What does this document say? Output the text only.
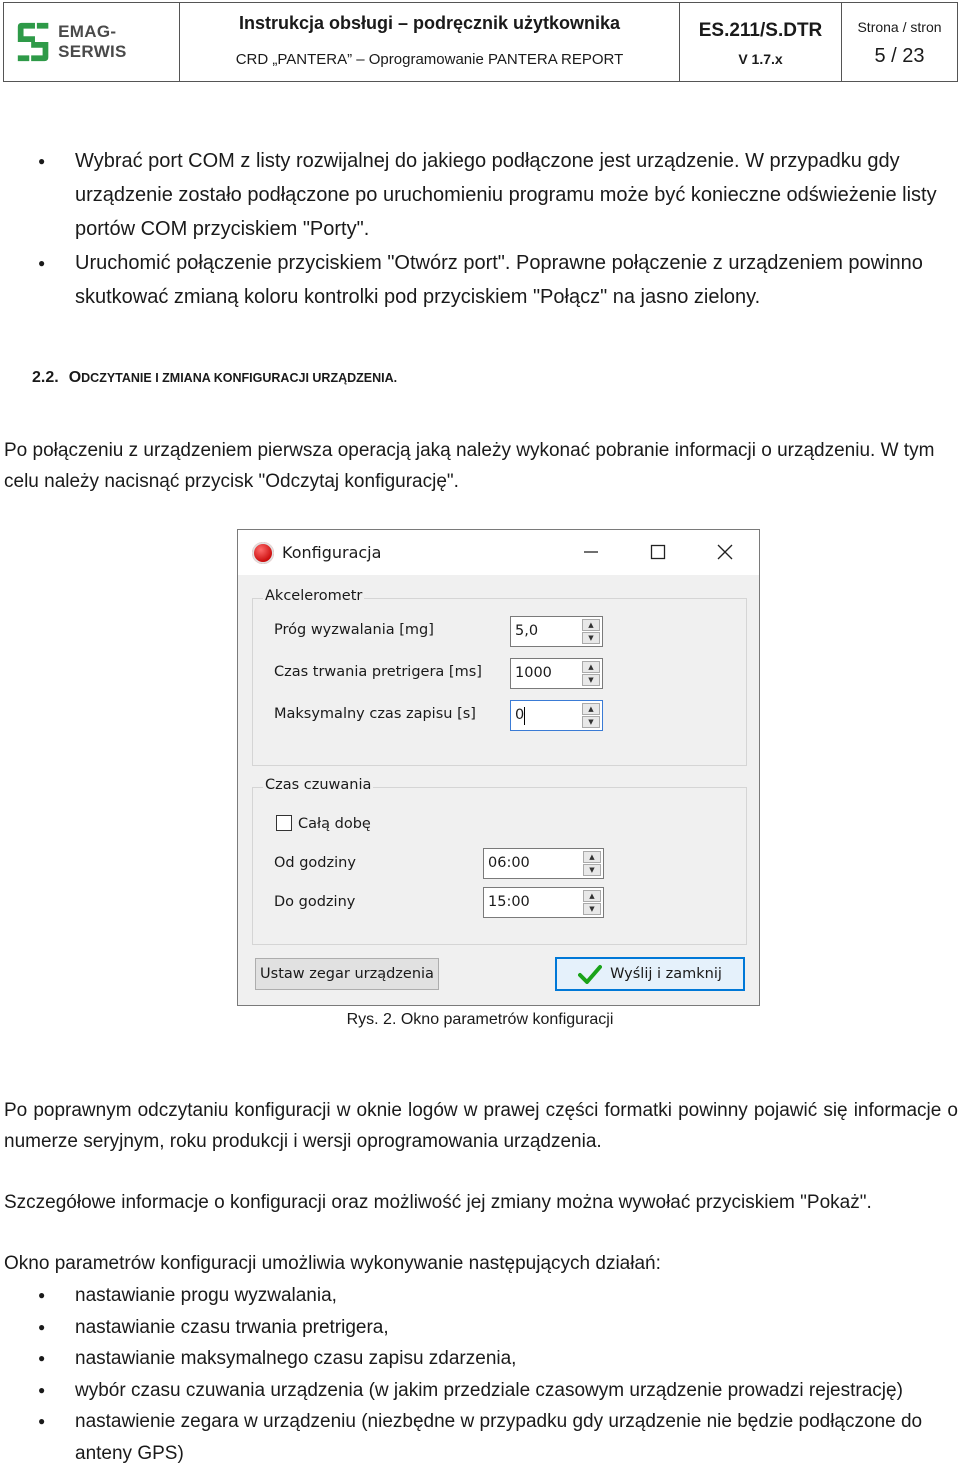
EMAG-SERWIS
Instrukcja obsługi – podręcznik użytkownika
CRD „PANTERA” – Oprogramowanie PANTERA REPORT
ES.211/S.DTR
V 1.7.x
Strona / stron
5 / 23
● Wybrać port COM z listy rozwijalnej do jakiego podłączone jest urządzenie. W przypadku gdy urządzenie zostało podłączone po uruchomieniu programu może być konieczne odświeżenie listy portów COM przyciskiem "Porty".
● Uruchomić połączenie przyciskiem "Otwórz port". Poprawne połączenie z urządzeniem powinno skutkować zmianą koloru kontrolki pod przyciskiem "Połącz" na jasno zielony.
2.2. ODCZYTANIE I ZMIANA KONFIGURACJI URZĄDZENIA.

Po połączeniu z urządzeniem pierwsza operacją jaką należy wykonać pobranie informacji o urządzeniu. W tym celu należy nacisnąć przycisk "Odczytaj konfigurację".

Konfiguracja
Akcelerometr
Próg wyzwalania [mg]	5,0	▲
▼
Czas trwania pretrigera [ms] 1000	▲
▼
Maksymalny czas zapisu [s]	0	▲
▼
Czas czuwania
Całą dobę
Od godziny	06:00	▲
▼
Do godziny	15:00	▲
▼
Ustaw zegar urządzenia	Wyślij i zamknij
Rys. 2. Okno parametrów konfiguracji

Po poprawnym odczytaniu konfiguracji w oknie logów w prawej części formatki powinny pojawić się informacje o numerze seryjnym, roku produkcji i wersji oprogramowania urządzenia.

Szczegółowe informacje o konfiguracji oraz możliwość jej zmiany można wywołać przyciskiem "Pokaż".

Okno parametrów konfiguracji umożliwia wykonywanie następujących działań:

● nastawianie progu wyzwalania,
● nastawianie czasu trwania pretrigera,
● nastawianie maksymalnego czasu zapisu zdarzenia,
● wybór czasu czuwania urządzenia (w jakim przedziale czasowym urządzenie prowadzi rejestrację)
● nastawienie zegara w urządzeniu (niezbędne w przypadku gdy urządzenie nie będzie podłączone do anteny GPS)
